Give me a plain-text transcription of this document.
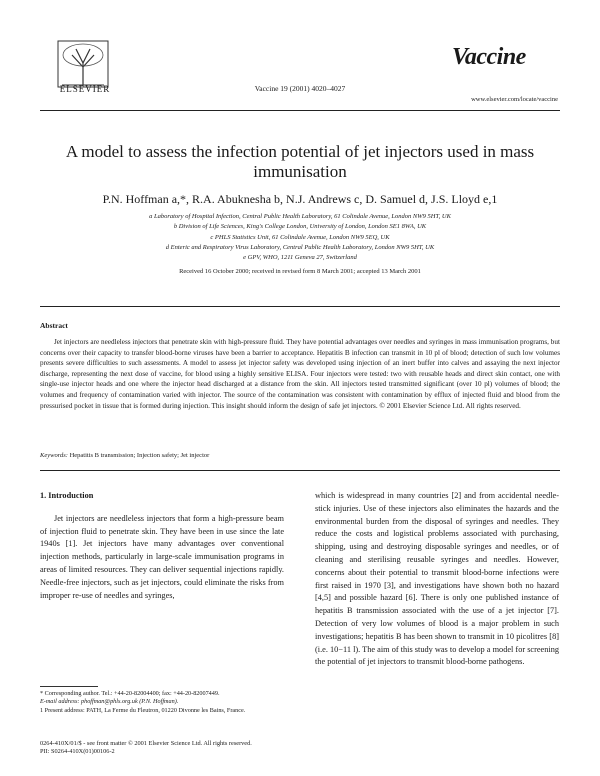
ELSEVIER	Vaccine 19 (2001) 4020–4027
Vaccine
www.elsevier.com/locate/vaccine
A model to assess the infection potential of jet injectors used in mass immunisation
P.N. Hoffman a,*, R.A. Abuknesha b, N.J. Andrews c, D. Samuel d, J.S. Lloyd e,1
a Laboratory of Hospital Infection, Central Public Health Laboratory, 61 Colindale Avenue, London NW9 5HT, UK
b Division of Life Sciences, King's College London, University of London, London SE1 8WA, UK
c PHLS Statistics Unit, 61 Colindale Avenue, London NW9 5EQ, UK
d Enteric and Respiratory Virus Laboratory, Central Public Health Laboratory, London NW9 5HT, UK
e GPV, WHO, 1211 Geneva 27, Switzerland
Received 16 October 2000; received in revised form 8 March 2001; accepted 13 March 2001
Abstract

Jet injectors are needleless injectors that penetrate skin with high-pressure fluid. They have potential advantages over needles and syringes in mass immunisation programs, but concerns over their capacity to transfer blood-borne viruses have been a barrier to acceptance. Hepatitis B infection can transmit in 10 pl of blood; detection of such low volumes presents severe difficulties to such assessments. A model to assess jet injector safety was developed using injection of an inert buffer into calves and assaying the next injector discharge, representing the next dose of vaccine, for blood using a highly sensitive ELISA. Four injectors were tested: two with reusable heads and direct skin contact, one with single-use injector heads and one where the injector head discharged at a distance from the skin. All injectors tested transmitted significant (over 10 pl) volumes of blood; the volumes and frequency of contamination varied with injector. The source of the contamination was consistent with contamination by efflux of injected fluid and blood from the pressurised pocket in tissue that is formed during injection. This insight should inform the design of safe jet injectors. © 2001 Elsevier Science Ltd. All rights reserved.

Keywords: Hepatitis B transmission; Injection safety; Jet injector
1. Introduction

Jet injectors are needleless injectors that form a high-pressure beam of injection fluid to penetrate skin. They have been in use since the late 1940s [1]. Jet injectors have many advantages over conventional injection methods, particularly in large-scale immunisation programs in areas of limited resources. They can deliver sequential injections rapidly. Needle-free injectors, such as jet injectors, could eliminate the risks from improper re-use of needles and syringes,

which is widespread in many countries [2] and from accidental needle-stick injuries. Use of these injectors also eliminates the hazards and the environmental burden from the disposal of syringes and needles. They reduce the costs and logistical problems associated with purchasing, shipping, using and destroying disposable syringes and needles, or of cleaning and sterilising reusable syringes and needles. However, concerns about their potential to transmit blood-borne infections were first raised in 1970 [3], and investigations have shown both no hazard [4,5] and possible hazard [6]. There is only one published instance of hepatitis B transmission associated with the use of a jet injector [7]. Detection of very low volumes of blood is a major problem in such investigations; hepatitis B has been shown to transmit in 10 picolitres [8] (i.e. 10−11 l). The aim of this study was to develop a model for screening the potential of jet injectors to transmit blood-borne pathogens.

* Corresponding author. Tel.: +44-20-82004400; fax: +44-20-82007449.
E-mail address: phoffman@phls.org.uk (P.N. Hoffman).
1 Present address: PATH, La Ferme du Fleutron, 01220 Divonne les Bains, France.
0264-410X/01/$ - see front matter © 2001 Elsevier Science Ltd. All rights reserved.
PII: S0264-410X(01)00106-2
